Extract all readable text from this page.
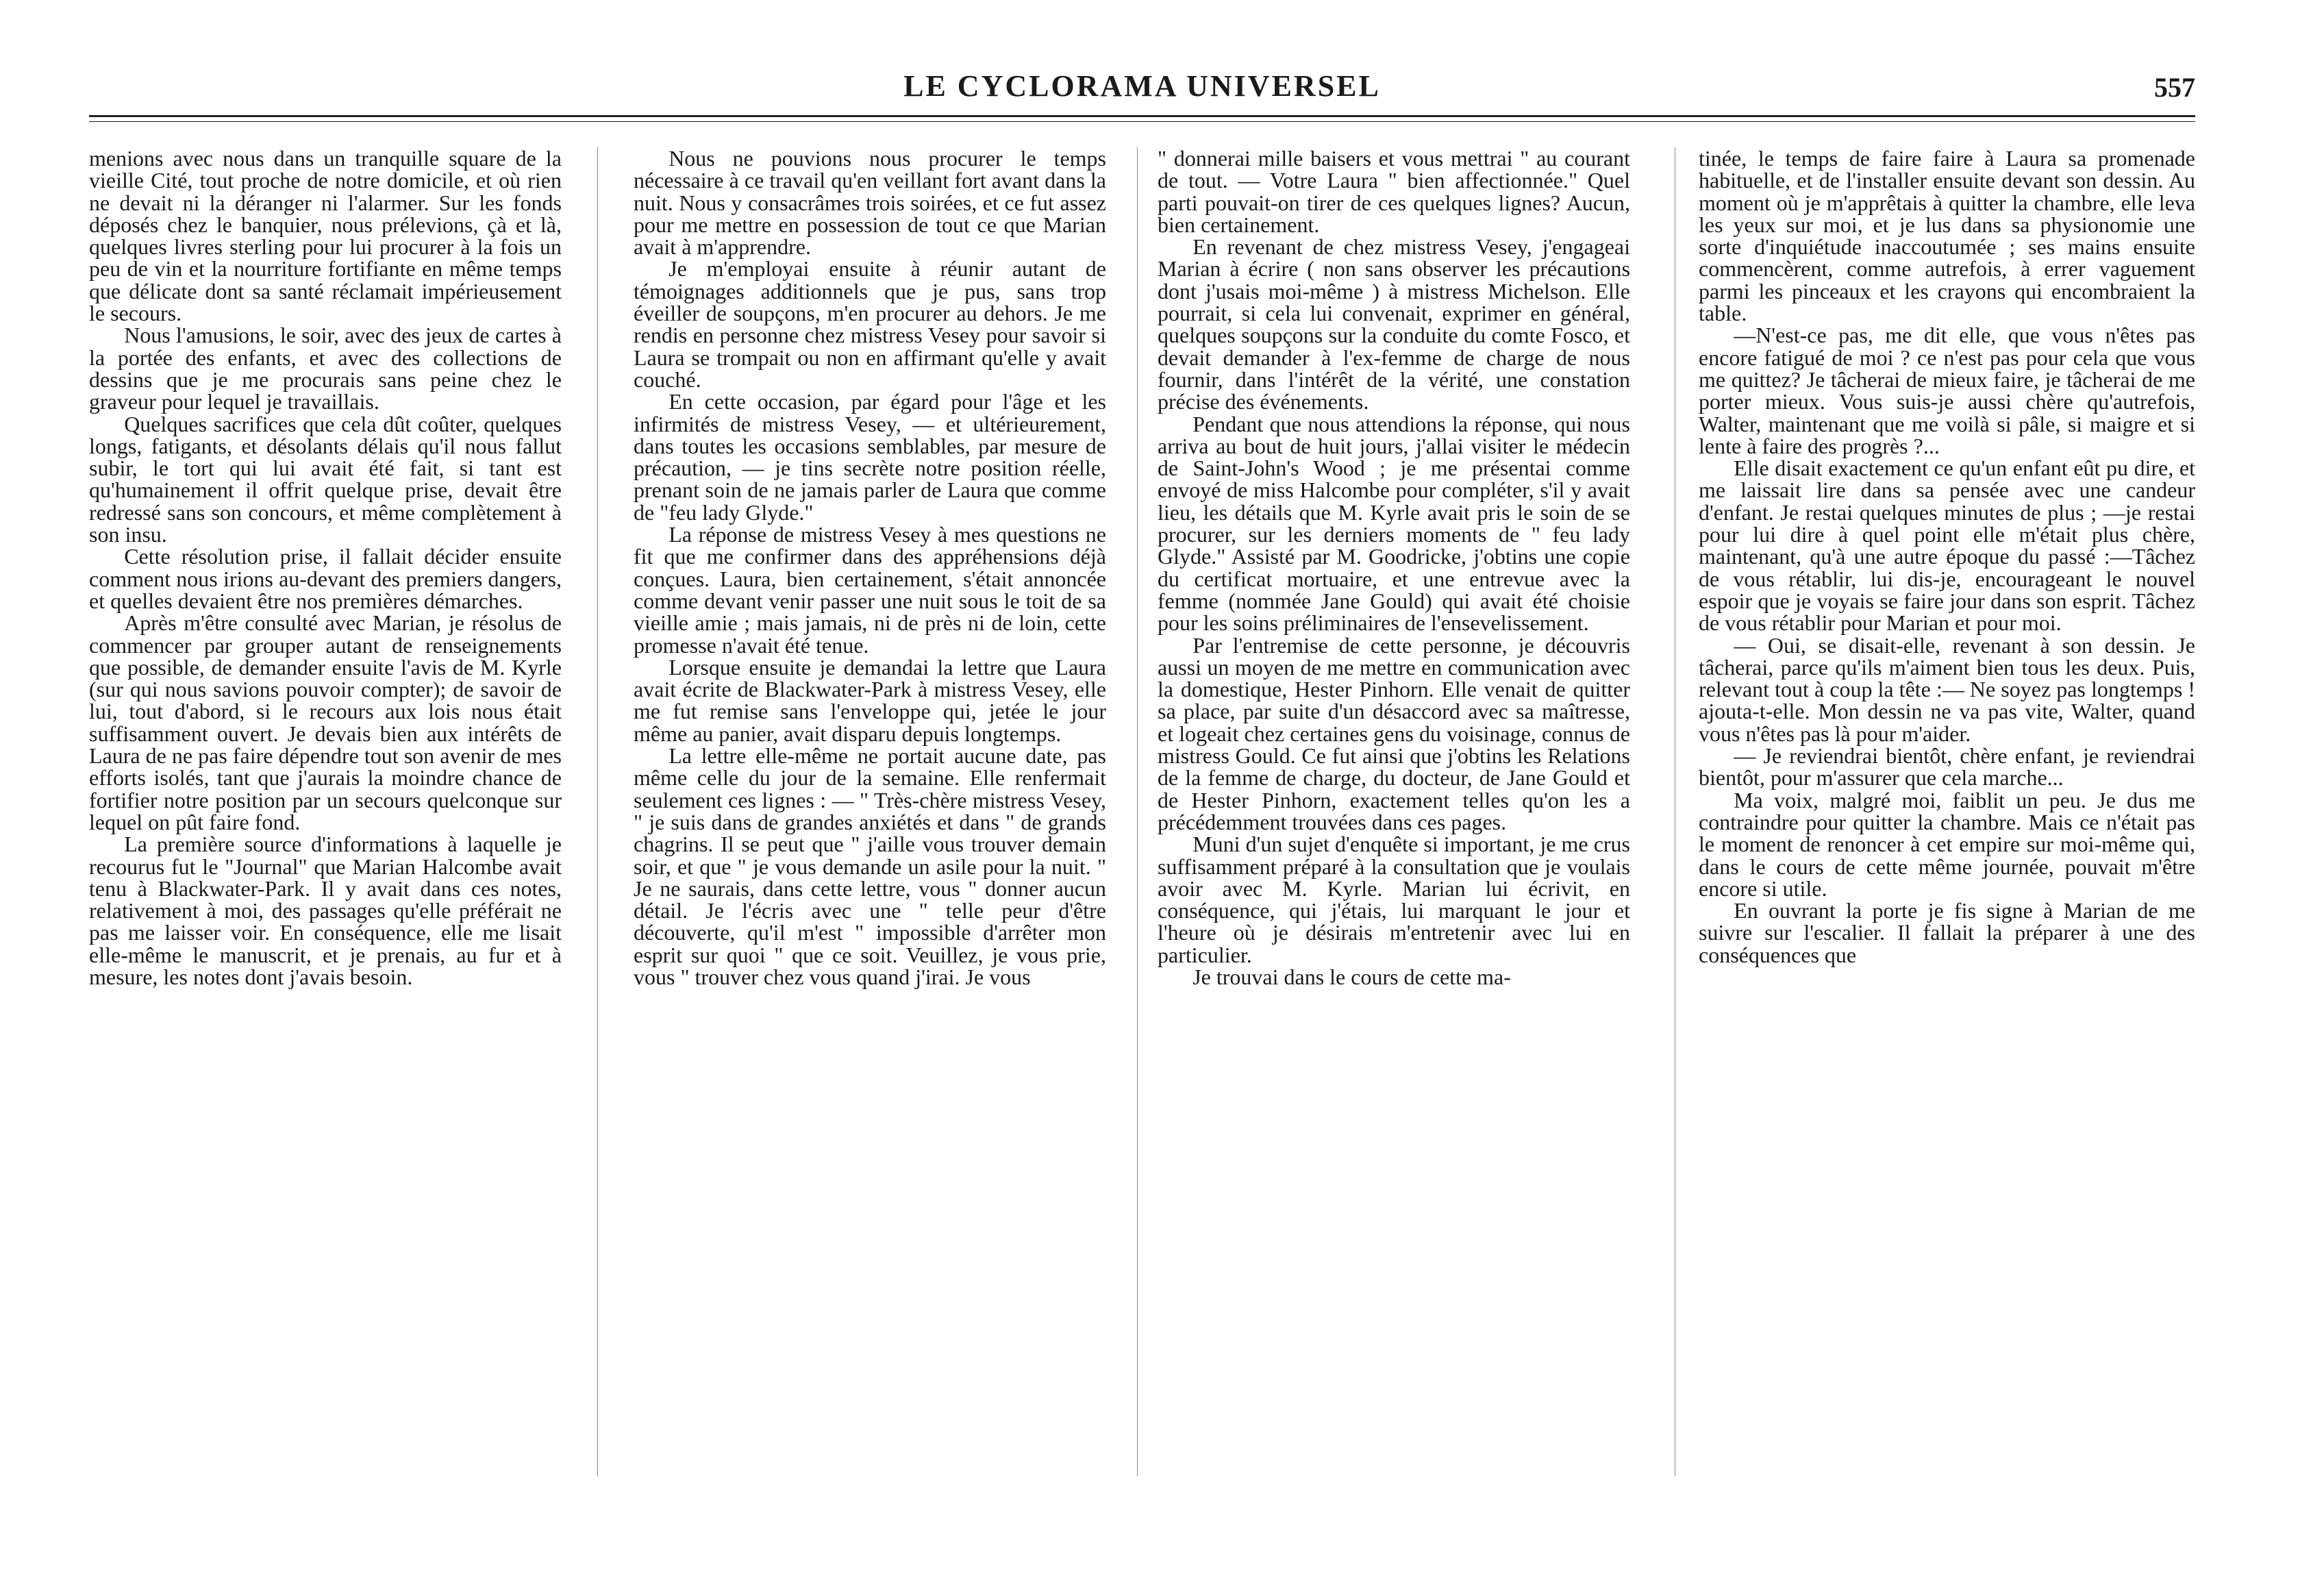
LE CYCLORAMA UNIVERSEL	557

menions avec nous dans un tranquille square de la vieille Cité, tout proche de notre domicile, et où rien ne devait ni la déranger ni l'alarmer. Sur les fonds déposés chez le banquier, nous prélevions, çà et là, quelques livres sterling pour lui procurer à la fois un peu de vin et la nourriture fortifiante en même temps que délicate dont sa santé réclamait impérieusement le secours.

Nous l'amusions, le soir, avec des jeux de cartes à la portée des enfants, et avec des collections de dessins que je me procurais sans peine chez le graveur pour lequel je travaillais.

Quelques sacrifices que cela dût coûter, quelques longs, fatigants, et désolants délais qu'il nous fallut subir, le tort qui lui avait été fait, si tant est qu'humainement il offrit quelque prise, devait être redressé sans son concours, et même complètement à son insu.

Cette résolution prise, il fallait décider ensuite comment nous irions au-devant des premiers dangers, et quelles devaient être nos premières démarches.

Après m'être consulté avec Marian, je résolus de commencer par grouper autant de renseignements que possible, de demander ensuite l'avis de M. Kyrle (sur qui nous savions pouvoir compter); de savoir de lui, tout d'abord, si le recours aux lois nous était suffisamment ouvert. Je devais bien aux intérêts de Laura de ne pas faire dépendre tout son avenir de mes efforts isolés, tant que j'aurais la moindre chance de fortifier notre position par un secours quelconque sur lequel on pût faire fond.

La première source d'informations à laquelle je recourus fut le "Journal" que Marian Halcombe avait tenu à Blackwater-Park. Il y avait dans ces notes, relativement à moi, des passages qu'elle préférait ne pas me laisser voir. En conséquence, elle me lisait elle-même le manuscrit, et je prenais, au fur et à mesure, les notes dont j'avais besoin.

Nous ne pouvions nous procurer le temps nécessaire à ce travail qu'en veillant fort avant dans la nuit. Nous y consacrâmes trois soirées, et ce fut assez pour me mettre en possession de tout ce que Marian avait à m'apprendre.

Je m'employai ensuite à réunir autant de témoignages additionnels que je pus, sans trop éveiller de soupçons, m'en procurer au dehors. Je me rendis en personne chez mistress Vesey pour savoir si Laura se trompait ou non en affirmant qu'elle y avait couché.

En cette occasion, par égard pour l'âge et les infirmités de mistress Vesey, — et ultérieurement, dans toutes les occasions semblables, par mesure de précaution, — je tins secrète notre position réelle, prenant soin de ne jamais parler de Laura que comme de "feu lady Glyde."

La réponse de mistress Vesey à mes questions ne fit que me confirmer dans des appréhensions déjà conçues. Laura, bien certainement, s'était annoncée comme devant venir passer une nuit sous le toit de sa vieille amie ; mais jamais, ni de près ni de loin, cette promesse n'avait été tenue.

Lorsque ensuite je demandai la lettre que Laura avait écrite de Blackwater-Park à mistress Vesey, elle me fut remise sans l'enveloppe qui, jetée le jour même au panier, avait disparu depuis longtemps.

La lettre elle-même ne portait aucune date, pas même celle du jour de la semaine. Elle renfermait seulement ces lignes : — " Très-chère mistress Vesey, " je suis dans de grandes anxiétés et dans " de grands chagrins. Il se peut que " j'aille vous trouver demain soir, et que " je vous demande un asile pour la nuit. " Je ne saurais, dans cette lettre, vous " donner aucun détail. Je l'écris avec une " telle peur d'être découverte, qu'il m'est " impossible d'arrêter mon esprit sur quoi " que ce soit. Veuillez, je vous prie, vous " trouver chez vous quand j'irai. Je vous

" donnerai mille baisers et vous mettrai " au courant de tout. — Votre Laura " bien affectionnée." Quel parti pouvait-on tirer de ces quelques lignes? Aucun, bien certainement.

En revenant de chez mistress Vesey, j'engageai Marian à écrire ( non sans observer les précautions dont j'usais moi-même ) à mistress Michelson. Elle pourrait, si cela lui convenait, exprimer en général, quelques soupçons sur la conduite du comte Fosco, et devait demander à l'ex-femme de charge de nous fournir, dans l'intérêt de la vérité, une constation précise des événements.

Pendant que nous attendions la réponse, qui nous arriva au bout de huit jours, j'allai visiter le médecin de Saint-John's Wood ; je me présentai comme envoyé de miss Halcombe pour compléter, s'il y avait lieu, les détails que M. Kyrle avait pris le soin de se procurer, sur les derniers moments de " feu lady Glyde." Assisté par M. Goodricke, j'obtins une copie du certificat mortuaire, et une entrevue avec la femme (nommée Jane Gould) qui avait été choisie pour les soins préliminaires de l'ensevelissement.

Par l'entremise de cette personne, je découvris aussi un moyen de me mettre en communication avec la domestique, Hester Pinhorn. Elle venait de quitter sa place, par suite d'un désaccord avec sa maîtresse, et logeait chez certaines gens du voisinage, connus de mistress Gould. Ce fut ainsi que j'obtins les Relations de la femme de charge, du docteur, de Jane Gould et de Hester Pinhorn, exactement telles qu'on les a précédemment trouvées dans ces pages.

Muni d'un sujet d'enquête si important, je me crus suffisamment préparé à la consultation que je voulais avoir avec M. Kyrle. Marian lui écrivit, en conséquence, qui j'étais, lui marquant le jour et l'heure où je désirais m'entretenir avec lui en particulier.

Je trouvai dans le cours de cette ma-

tinée, le temps de faire faire à Laura sa promenade habituelle, et de l'installer ensuite devant son dessin. Au moment où je m'apprêtais à quitter la chambre, elle leva les yeux sur moi, et je lus dans sa physionomie une sorte d'inquiétude inaccoutumée ; ses mains ensuite commencèrent, comme autrefois, à errer vaguement parmi les pinceaux et les crayons qui encombraient la table.

—N'est-ce pas, me dit elle, que vous n'êtes pas encore fatigué de moi ? ce n'est pas pour cela que vous me quittez? Je tâcherai de mieux faire, je tâcherai de me porter mieux. Vous suis-je aussi chère qu'autrefois, Walter, maintenant que me voilà si pâle, si maigre et si lente à faire des progrès ?...

Elle disait exactement ce qu'un enfant eût pu dire, et me laissait lire dans sa pensée avec une candeur d'enfant. Je restai quelques minutes de plus ; —je restai pour lui dire à quel point elle m'était plus chère, maintenant, qu'à une autre époque du passé :—Tâchez de vous rétablir, lui dis-je, encourageant le nouvel espoir que je voyais se faire jour dans son esprit. Tâchez de vous rétablir pour Marian et pour moi.

— Oui, se disait-elle, revenant à son dessin. Je tâcherai, parce qu'ils m'aiment bien tous les deux. Puis, relevant tout à coup la tête :— Ne soyez pas longtemps ! ajouta-t-elle. Mon dessin ne va pas vite, Walter, quand vous n'êtes pas là pour m'aider.

— Je reviendrai bientôt, chère enfant, je reviendrai bientôt, pour m'assurer que cela marche...

Ma voix, malgré moi, faiblit un peu. Je dus me contraindre pour quitter la chambre. Mais ce n'était pas le moment de renoncer à cet empire sur moi-même qui, dans le cours de cette même journée, pouvait m'être encore si utile.

En ouvrant la porte je fis signe à Marian de me suivre sur l'escalier. Il fallait la préparer à une des conséquences que
